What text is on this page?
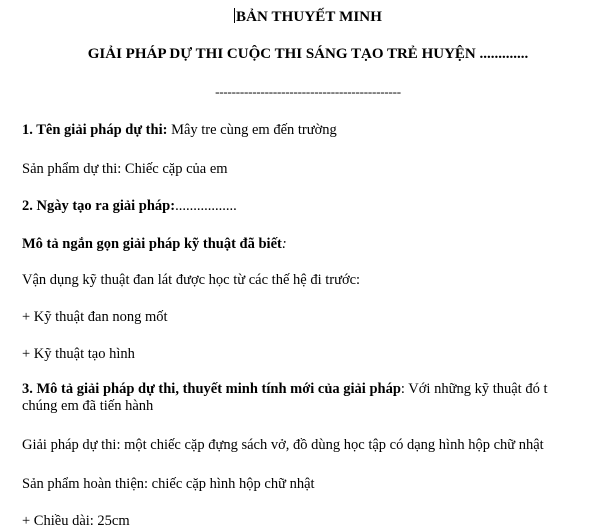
BẢN THUYẾT MINH
GIẢI PHÁP DỰ THI CUỘC THI SÁNG TẠO TRẺ HUYỆN .............
---------------------------------------------
1. Tên giải pháp dự thi: Mây tre cùng em đến trường
Sản phẩm dự thi: Chiếc cặp của em
2. Ngày tạo ra giải pháp:.................
Mô tả ngắn gọn giải pháp kỹ thuật đã biết:
Vận dụng kỹ thuật đan lát được học từ các thế hệ đi trước:
+ Kỹ thuật đan nong mốt
+ Kỹ thuật tạo hình
3. Mô tả giải pháp dự thi, thuyết minh tính mới của giải pháp: Với những kỹ thuật đó t
chúng em đã tiến hành
Giải pháp dự thi: một chiếc cặp đựng sách vở, đồ dùng học tập có dạng hình hộp chữ nhật
Sản phẩm hoàn thiện: chiếc cặp hình hộp chữ nhật
+ Chiều dài: 25cm
